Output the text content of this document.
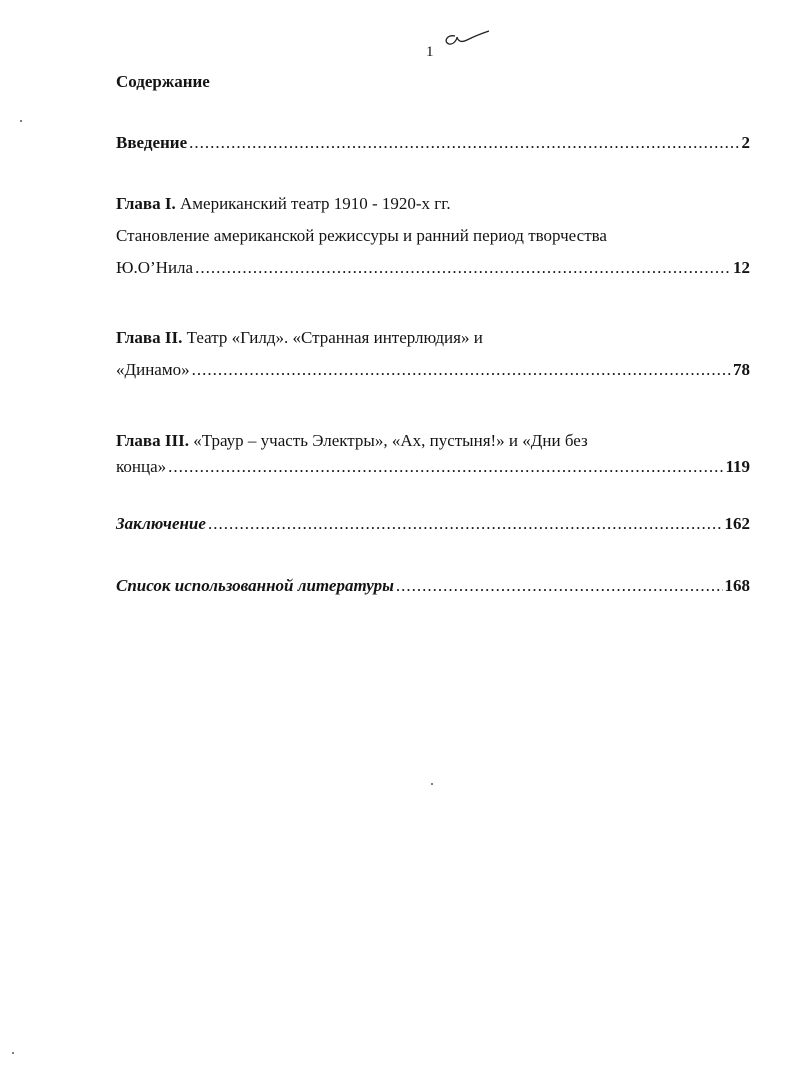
1
Содержание
Введение .....	2
Глава I. Американский театр 1910 - 1920-х гг.
Становление американской режиссуры и ранний период творчества
Ю.О’Нила .....	12
Глава II. Театр «Гилд». «Странная интерлюдия» и
«Динамо» .....	78
Глава III. «Траур – участь Электры», «Ах, пустыня!» и «Дни без
конца» .....	119
Заключение .....	162
Список использованной литературы .....	168
